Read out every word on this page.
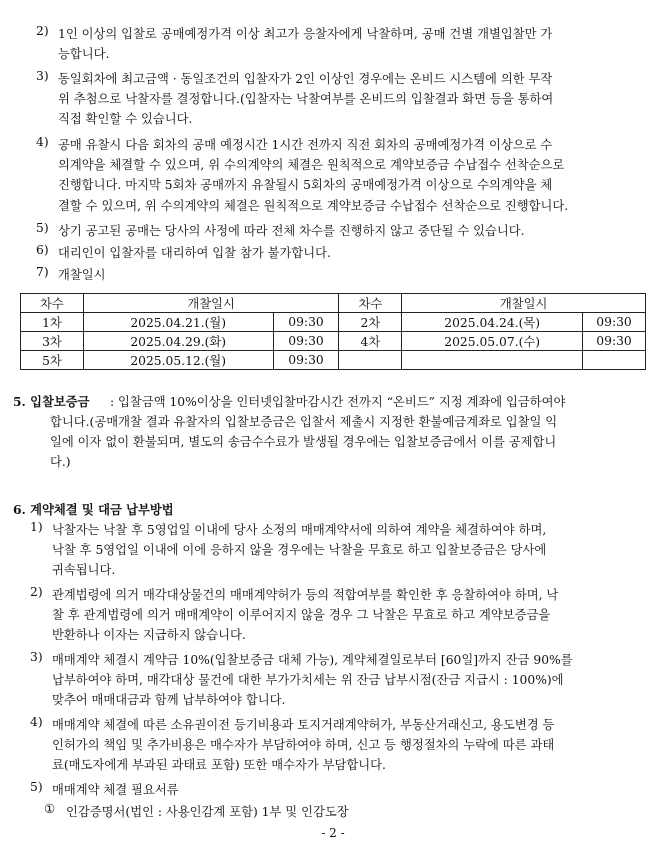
2) 1인 이상의 입찰로 공매예정가격 이상 최고가 응찰자에게 낙찰하며, 공매 건별 개별입찰만 가
능합니다.
3) 동일회차에 최고금액 · 동일조건의 입찰자가 2인 이상인 경우에는 온비드 시스템에 의한 무작
위 추첨으로 낙찰자를 결정합니다.(입찰자는 낙찰여부를 온비드의 입찰결과 화면 등을 통하여
직접 확인할 수 있습니다.
4) 공매 유찰시 다음 회차의 공매 예정시간 1시간 전까지 직전 회차의 공매예정가격 이상으로 수
의계약을 체결할 수 있으며, 위 수의계약의 체결은 원칙적으로 계약보증금 수납접수 선착순으로
진행합니다. 마지막 5회차 공매까지 유찰될시 5회차의 공매예정가격 이상으로 수의계약을 체
결할 수 있으며, 위 수의계약의 체결은 원칙적으로 계약보증금 수납접수 선착순으로 진행합니다.
5) 상기 공고된 공매는 당사의 사정에 따라 전체 차수를 진행하지 않고 중단될 수 있습니다.
6) 대리인이 입찰자를 대리하여 입찰 참가 불가합니다.
7) 개찰일시
차수	개찰일시		차수	개찰일시	
1차	2025.04.21.(월)	09:30	2차	2025.04.24.(목)	09:30
3차	2025.04.29.(화)	09:30	4차	2025.05.07.(수)	09:30
5차	2025.05.12.(월)	09:30			
5. 입찰보증금 : 입찰금액 10%이상을 인터넷입찰마감시간 전까지 “온비드” 지정 계좌에 입금하여야
합니다.(공매개찰 결과 유찰자의 입찰보증금은 입찰서 제출시 지정한 환불예금계좌로 입찰일 익
일에 이자 없이 환불되며, 별도의 송금수수료가 발생될 경우에는 입찰보증금에서 이를 공제합니
다.)
6. 계약체결 및 대금 납부방법
1) 낙찰자는 낙찰 후 5영업일 이내에 당사 소정의 매매계약서에 의하여 계약을 체결하여야 하며,
낙찰 후 5영업일 이내에 이에 응하지 않을 경우에는 낙찰을 무효로 하고 입찰보증금은 당사에
귀속됩니다.
2) 관계법령에 의거 매각대상물건의 매매계약허가 등의 적합여부를 확인한 후 응찰하여야 하며, 낙
찰 후 관계법령에 의거 매매계약이 이루어지지 않을 경우 그 낙찰은 무효로 하고 계약보증금을
반환하나 이자는 지급하지 않습니다.
3) 매매계약 체결시 계약금 10%(입찰보증금 대체 가능), 계약체결일로부터 [60일]까지 잔금 90%를
납부하여야 하며, 매각대상 물건에 대한 부가가치세는 위 잔금 납부시점(잔금 지급시 : 100%)에
맞추어 매매대금과 함께 납부하여야 합니다.
4) 매매계약 체결에 따른 소유권이전 등기비용과 토지거래계약허가, 부동산거래신고, 용도변경 등
인허가의 책임 및 추가비용은 매수자가 부담하여야 하며, 신고 등 행정절차의 누락에 따른 과태
료(매도자에게 부과된 과태료 포함) 또한 매수자가 부담합니다.
5) 매매계약 체결 필요서류
① 인감증명서(법인 : 사용인감계 포함) 1부 및 인감도장
- 2 -
